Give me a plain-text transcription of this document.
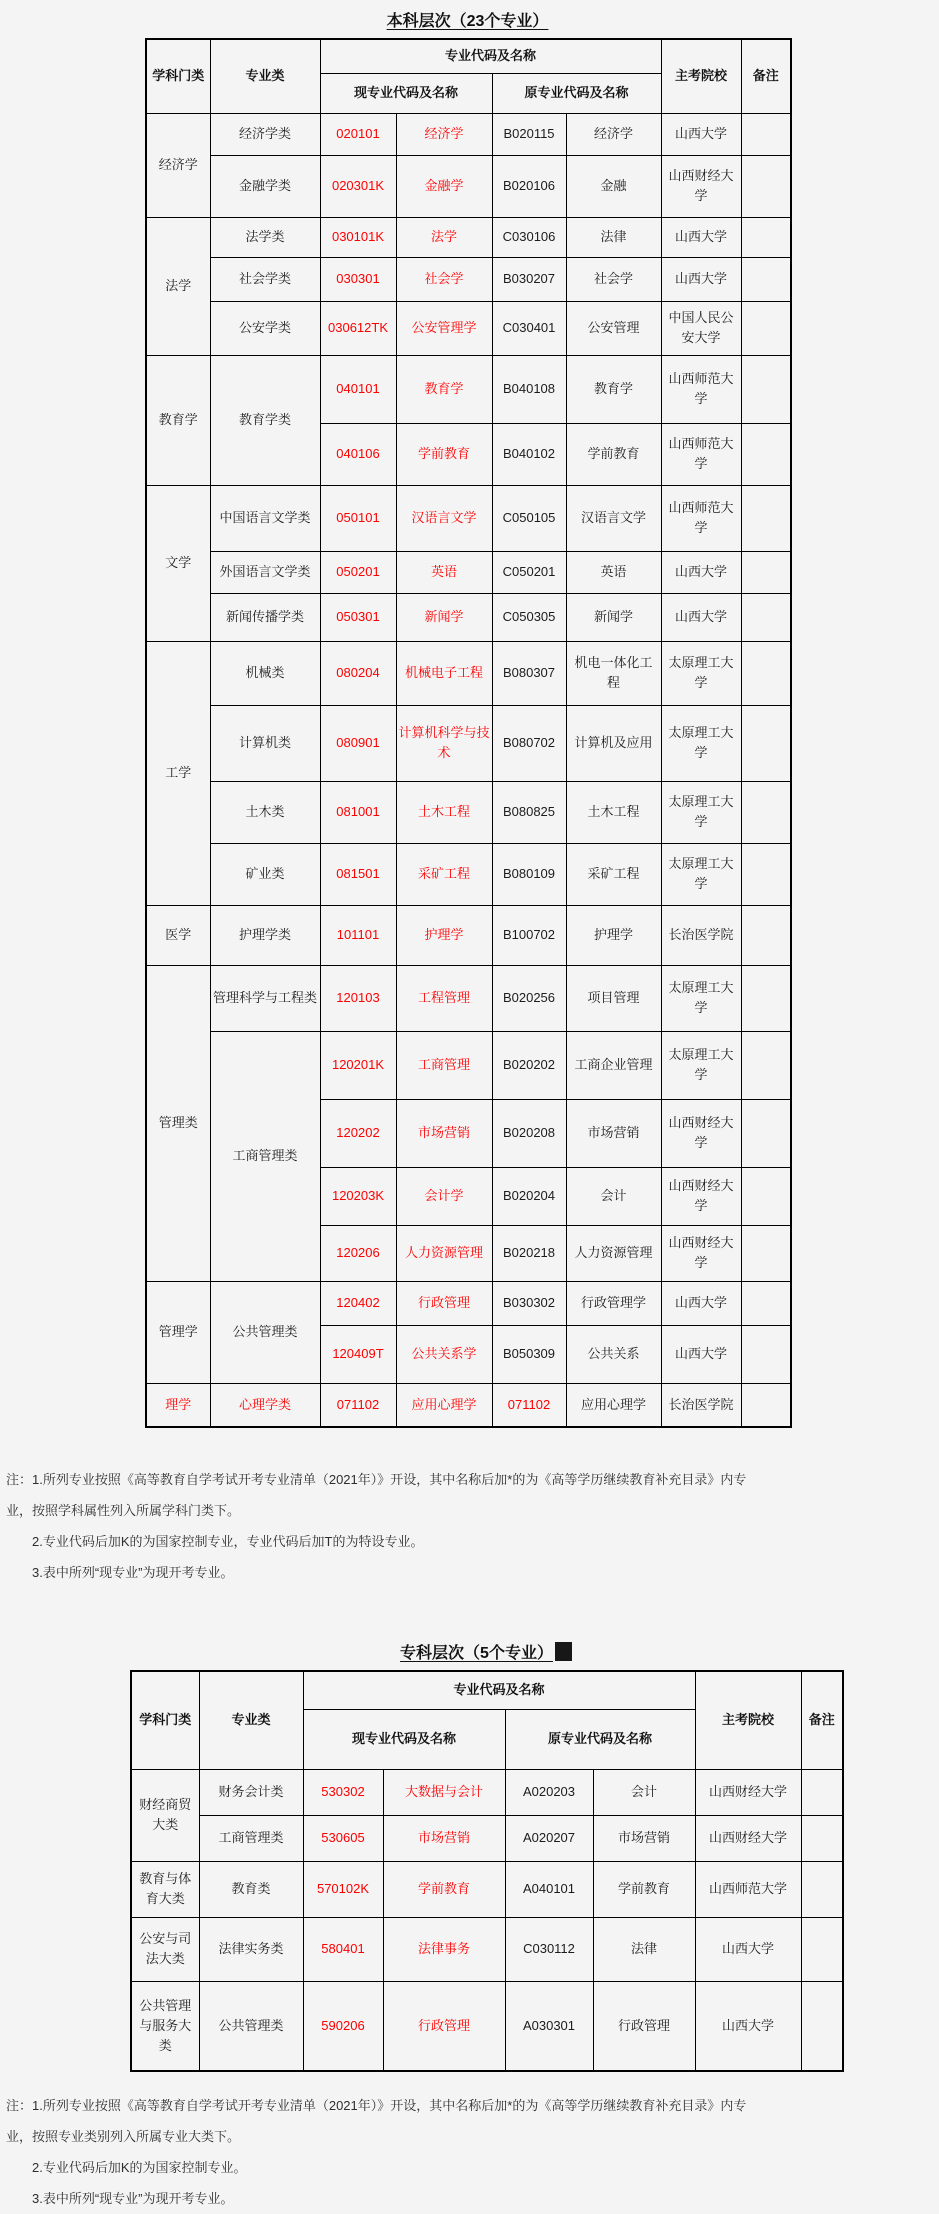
本科层次（23个专业）
学科门类	专业类	专业代码及名称				主考院校	备注
		现专业代码及名称		原专业代码及名称			
经济学	经济学类	020101	经济学	B020115	经济学	山西大学	
	金融学类	020301K	金融学	B020106	金融	山西财经大学	
法学	法学类	030101K	法学	C030106	法律	山西大学	
	社会学类	030301	社会学	B030207	社会学	山西大学	
	公安学类	030612TK	公安管理学	C030401	公安管理	中国人民公安大学	
教育学	教育学类	040101	教育学	B040108	教育学	山西师范大学	
		040106	学前教育	B040102	学前教育	山西师范大学	
文学	中国语言文学类	050101	汉语言文学	C050105	汉语言文学	山西师范大学	
	外国语言文学类	050201	英语	C050201	英语	山西大学	
	新闻传播学类	050301	新闻学	C050305	新闻学	山西大学	
工学	机械类	080204	机械电子工程	B080307	机电一体化工程	太原理工大学	
	计算机类	080901	计算机科学与技术	B080702	计算机及应用	太原理工大学	
	土木类	081001	土木工程	B080825	土木工程	太原理工大学	
	矿业类	081501	采矿工程	B080109	采矿工程	太原理工大学	
医学	护理学类	101101	护理学	B100702	护理学	长治医学院	
管理类	管理科学与工程类	120103	工程管理	B020256	项目管理	太原理工大学	
	工商管理类	120201K	工商管理	B020202	工商企业管理	太原理工大学	
		120202	市场营销	B020208	市场营销	山西财经大学	
		120203K	会计学	B020204	会计	山西财经大学	
		120206	人力资源管理	B020218	人力资源管理	山西财经大学	
管理学	公共管理类	120402	行政管理	B030302	行政管理学	山西大学	
		120409T	公共关系学	B050309	公共关系	山西大学	
理学	心理学类	071102	应用心理学	071102	应用心理学	长治医学院	
注：1.所列专业按照《高等教育自学考试开考专业清单（2021年）》开设，其中名称后加*的为《高等学历继续教育补充目录》内专
业，按照学科属性列入所属学科门类下。
2.专业代码后加K的为国家控制专业，专业代码后加T的为特设专业。
3.表中所列“现专业”为现开考专业。
专科层次（5个专业）
学科门类	专业类	专业代码及名称				主考院校	备注
		现专业代码及名称		原专业代码及名称			
财经商贸大类	财务会计类	530302	大数据与会计	A020203	会计	山西财经大学	
	工商管理类	530605	市场营销	A020207	市场营销	山西财经大学	
教育与体育大类	教育类	570102K	学前教育	A040101	学前教育	山西师范大学	
公安与司法大类	法律实务类	580401	法律事务	C030112	法律	山西大学	
公共管理与服务大类	公共管理类	590206	行政管理	A030301	行政管理	山西大学	
注：1.所列专业按照《高等教育自学考试开考专业清单（2021年）》开设，其中名称后加*的为《高等学历继续教育补充目录》内专
业，按照专业类别列入所属专业大类下。
2.专业代码后加K的为国家控制专业。
3.表中所列“现专业”为现开考专业。
